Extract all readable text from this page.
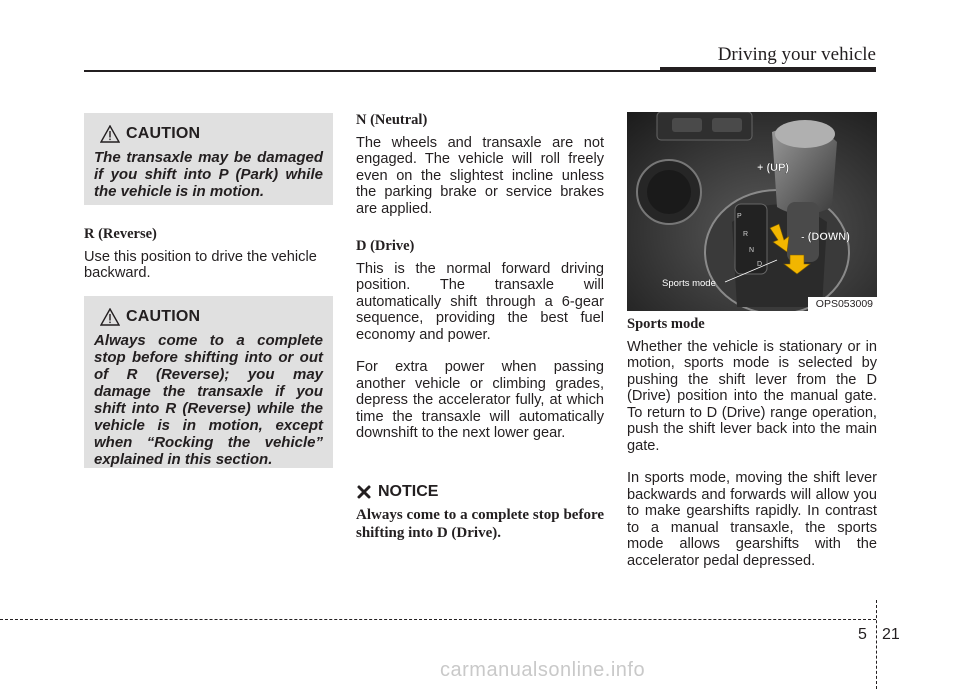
Driving your vehicle
CAUTION
The transaxle may be damaged if you shift into P (Park) while the vehicle is in motion.
R (Reverse)
Use this position to drive the vehicle backward.
CAUTION
Always come to a complete stop before shifting into or out of R (Reverse); you may damage the transaxle if you shift into R (Reverse) while the vehicle is in motion, except when “Rocking the vehicle” explained in this section.
N (Neutral)
The wheels and transaxle are not engaged. The vehicle will roll freely even on the slightest incline unless the parking brake or service brakes are applied.
D (Drive)
This is the normal forward driving position. The transaxle will automatically shift through a 6-gear sequence, providing the best fuel economy and power.
For extra power when passing another vehicle or climbing grades, depress the accelerator fully, at which time the transaxle will automatically downshift to the next lower gear.
NOTICE
Always come to a complete stop before shifting into D (Drive).
P
R
N
D
+ (UP)
- (DOWN)
Sports mode
OPS053009
Sports mode
Whether the vehicle is stationary or in motion, sports mode is selected by pushing the shift lever from the D (Drive) position into the manual gate. To return to D (Drive) range operation, push the shift lever back into the main gate.
In sports mode, moving the shift lever backwards and forwards will allow you to make gearshifts rapidly. In contrast to a manual transaxle, the sports mode allows gearshifts with the accelerator pedal depressed.
5 21
carmanualsonline.info
